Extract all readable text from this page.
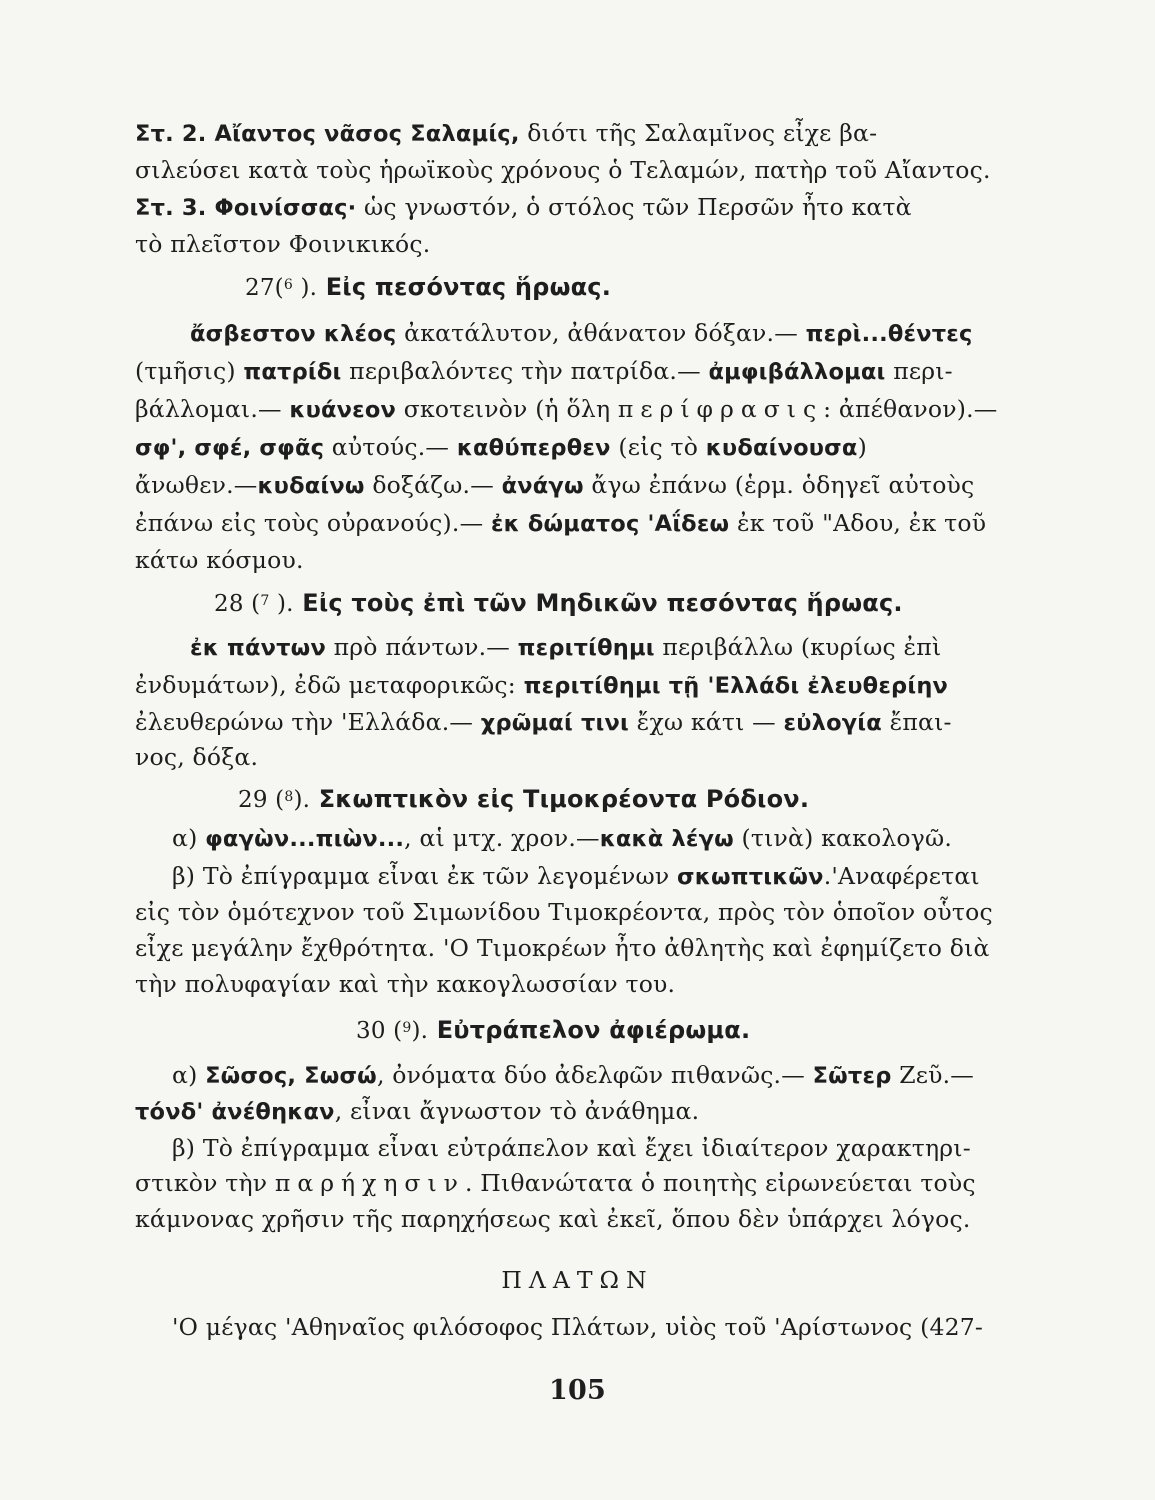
Στ. 2. Αἴαντος νᾶσος Σαλαμίς, διότι τῆς Σαλαμῖνος εἶχε βα-
σιλεύσει κατὰ τοὺς ἡρωϊκοὺς χρόνους ὁ Τελαμών, πατὴρ τοῦ Αἴαντος.
Στ. 3. Φοινίσσας· ὡς γνωστόν, ὁ στόλος τῶν Περσῶν ἦτο κατὰ
τὸ πλεῖστον Φοινικικός.
27($^6$ ). Εἰς πεσόντας ἥρωας.
ἄσβεστον κλέος ἀκατάλυτον, ἀθάνατον δόξαν.— περὶ...θέντες
(τμῆσις) πατρίδι περιβαλόντες τὴν πατρίδα.— ἀμφιβάλλομαι περι-
βάλλομαι.— κυάνεον σκοτεινὸν (ἡ ὅλη περίφρασις: ἀπέθανον).—
σφ', σφέ, σφᾶς αὐτούς.— καθύπερθεν (εἰς τὸ κυδαίνουσα)
ἄνωθεν.—κυδαίνω δοξάζω.— ἀνάγω ἄγω ἐπάνω (ἑρμ. ὁδηγεῖ αὐτοὺς
ἐπάνω εἰς τοὺς οὐρανούς).— ἐκ δώματος 'Αΐδεω ἐκ τοῦ "Αδου, ἐκ τοῦ
κάτω κόσμου.
28 ($^7$ ). Εἰς τοὺς ἐπὶ τῶν Μηδικῶν πεσόντας ἥρωας.
ἐκ πάντων πρὸ πάντων.— περιτίθημι περιβάλλω (κυρίως ἐπὶ
ἐνδυμάτων), ἐδῶ μεταφορικῶς: περιτίθημι τῇ 'Ελλάδι ἐλευθερίην
ἐλευθερώνω τὴν 'Ελλάδα.— χρῶμαί τινι ἔχω κάτι — εὐλογία ἔπαι-
νος, δόξα.
29 ($^8$). Σκωπτικὸν εἰς Τιμοκρέοντα Ρόδιον.
α) φαγὼν...πιὼν..., αἱ μτχ. χρον.—κακὰ λέγω (τινὰ) κακολογῶ.
β) Τὸ ἐπίγραμμα εἶναι ἐκ τῶν λεγομένων σκωπτικῶν.'Αναφέρεται
εἰς τὸν ὁμότεχνον τοῦ Σιμωνίδου Τιμοκρέοντα, πρὸς τὸν ὁποῖον οὗτος
εἶχε μεγάλην ἔχθρότητα. 'Ο Τιμοκρέων ἦτο ἀθλητὴς καὶ ἐφημίζετο διὰ
τὴν πολυφαγίαν καὶ τὴν κακογλωσσίαν του.
30 ($^9$). Εὐτράπελον ἀφιέρωμα.
α) Σῶσος, Σωσώ, ὀνόματα δύο ἀδελφῶν πιθανῶς.— Σῶτερ Ζεῦ.—
τόνδ' ἀνέθηκαν, εἶναι ἄγνωστον τὸ ἀνάθημα.
β) Τὸ ἐπίγραμμα εἶναι εὐτράπελον καὶ ἔχει ἰδιαίτερον χαρακτηρι-
στικὸν τὴν παρήχησιν. Πιθανώτατα ὁ ποιητὴς εἰρωνεύεται τοὺς
κάμνονας χρῆσιν τῆς παρηχήσεως καὶ ἐκεῖ, ὅπου δὲν ὑπάρχει λόγος.
ΠΛΑΤΩΝ
'Ο μέγας 'Αθηναῖος φιλόσοφος Πλάτων, υἱὸς τοῦ 'Αρίστωνος (427-
105
